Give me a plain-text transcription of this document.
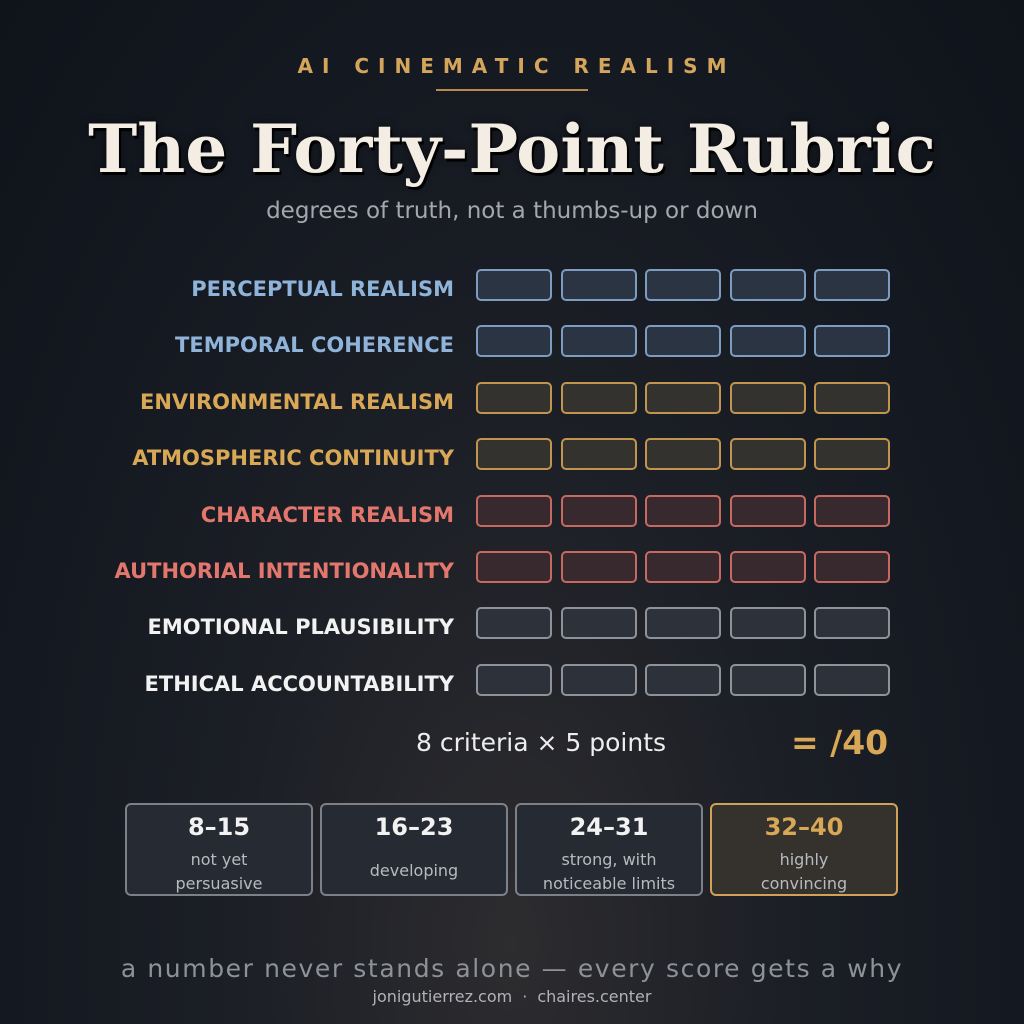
AI CINEMATIC REALISM
The Forty-Point Rubric
degrees of truth, not a thumbs-up or down
PERCEPTUAL REALISM
TEMPORAL COHERENCE
ENVIRONMENTAL REALISM
ATMOSPHERIC CONTINUITY
CHARACTER REALISM
AUTHORIAL INTENTIONALITY
EMOTIONAL PLAUSIBILITY
ETHICAL ACCOUNTABILITY
8 criteria × 5 points	= /40
8–15
not yet
persuasive
16–23
developing
24–31
strong, with
noticeable limits
32–40
highly
convincing
a number never stands alone — every score gets a why
jonigutierrez.com · chaires.center
